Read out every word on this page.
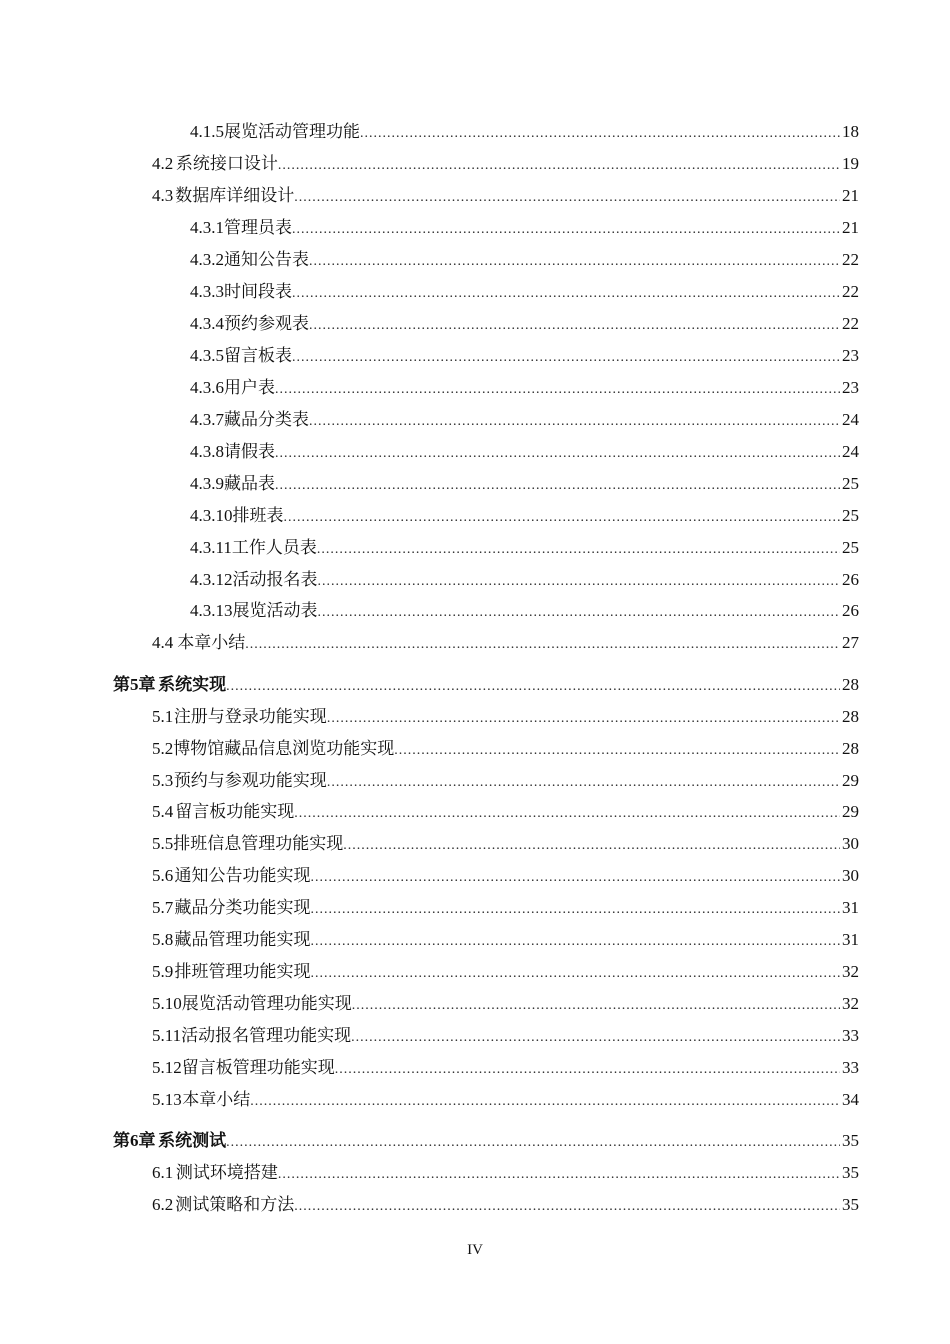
4.1.5 展览活动管理功能 .....	18
4.2 系统接口设计 .....	19
4.3 数据库详细设计 .....	21
4.3.1 管理员表 .....	21
4.3.2 通知公告表 .....	22
4.3.3 时间段表 .....	22
4.3.4 预约参观表 .....	22
4.3.5 留言板表 .....	23
4.3.6 用户表 .....	23
4.3.7 藏品分类表 .....	24
4.3.8 请假表 .....	24
4.3.9 藏品表 .....	25
4.3.10 排班表 .....	25
4.3.11 工作人员表 .....	25
4.3.12 活动报名表 .....	26
4.3.13 展览活动表 .....	26
4.4 本章小结 .....	27
第5章 系统实现 .....	28
5.1 注册与登录功能实现 .....	28
5.2 博物馆藏品信息浏览功能实现 .....	28
5.3 预约与参观功能实现 .....	29
5.4 留言板功能实现 .....	29
5.5 排班信息管理功能实现 .....	30
5.6 通知公告功能实现 .....	30
5.7 藏品分类功能实现 .....	31
5.8 藏品管理功能实现 .....	31
5.9 排班管理功能实现 .....	32
5.10 展览活动管理功能实现 .....	32
5.11 活动报名管理功能实现 .....	33
5.12 留言板管理功能实现 .....	33
5.13 本章小结 .....	34
第6章 系统测试 .....	35
6.1 测试环境搭建 .....	35
6.2 测试策略和方法 .....	35
IV
